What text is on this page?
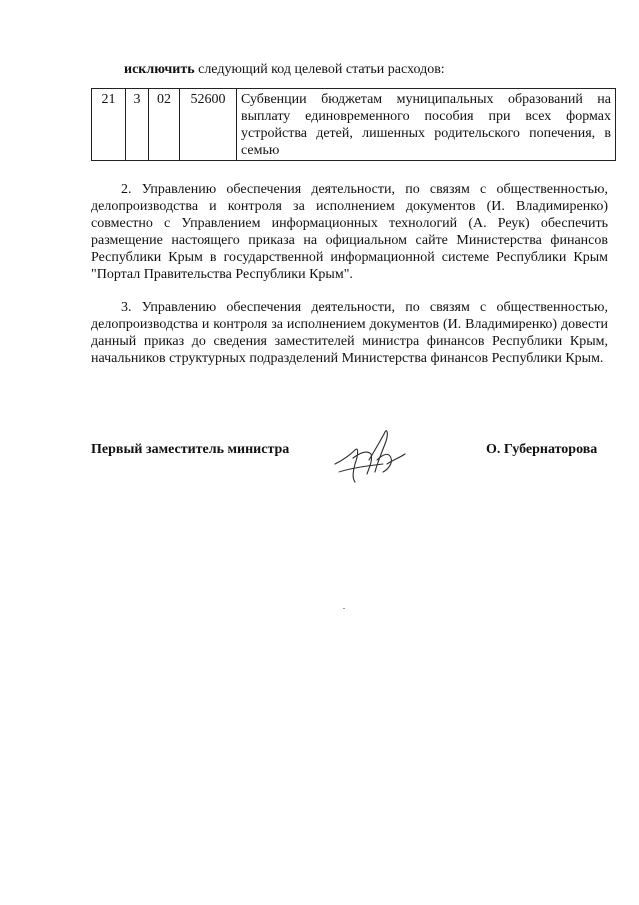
исключить следующий код целевой статьи расходов:
21	3	02	52600	Субвенции бюджетам муниципальных образований на выплату единовременного пособия при всех формах устройства детей, лишенных родительского попечения, в семью
2. Управлению обеспечения деятельности, по связям с общественностью, делопроизводства и контроля за исполнением документов (И. Владимиренко) совместно с Управлением информационных технологий (А. Реук) обеспечить размещение настоящего приказа на официальном сайте Министерства финансов Республики Крым в государственной информационной системе Республики Крым "Портал Правительства Республики Крым".
3. Управлению обеспечения деятельности, по связям с общественностью, делопроизводства и контроля за исполнением документов (И. Владимиренко) довести данный приказ до сведения заместителей министра финансов Республики Крым, начальников структурных подразделений Министерства финансов Республики Крым.
Первый заместитель министра	О. Губернаторова
